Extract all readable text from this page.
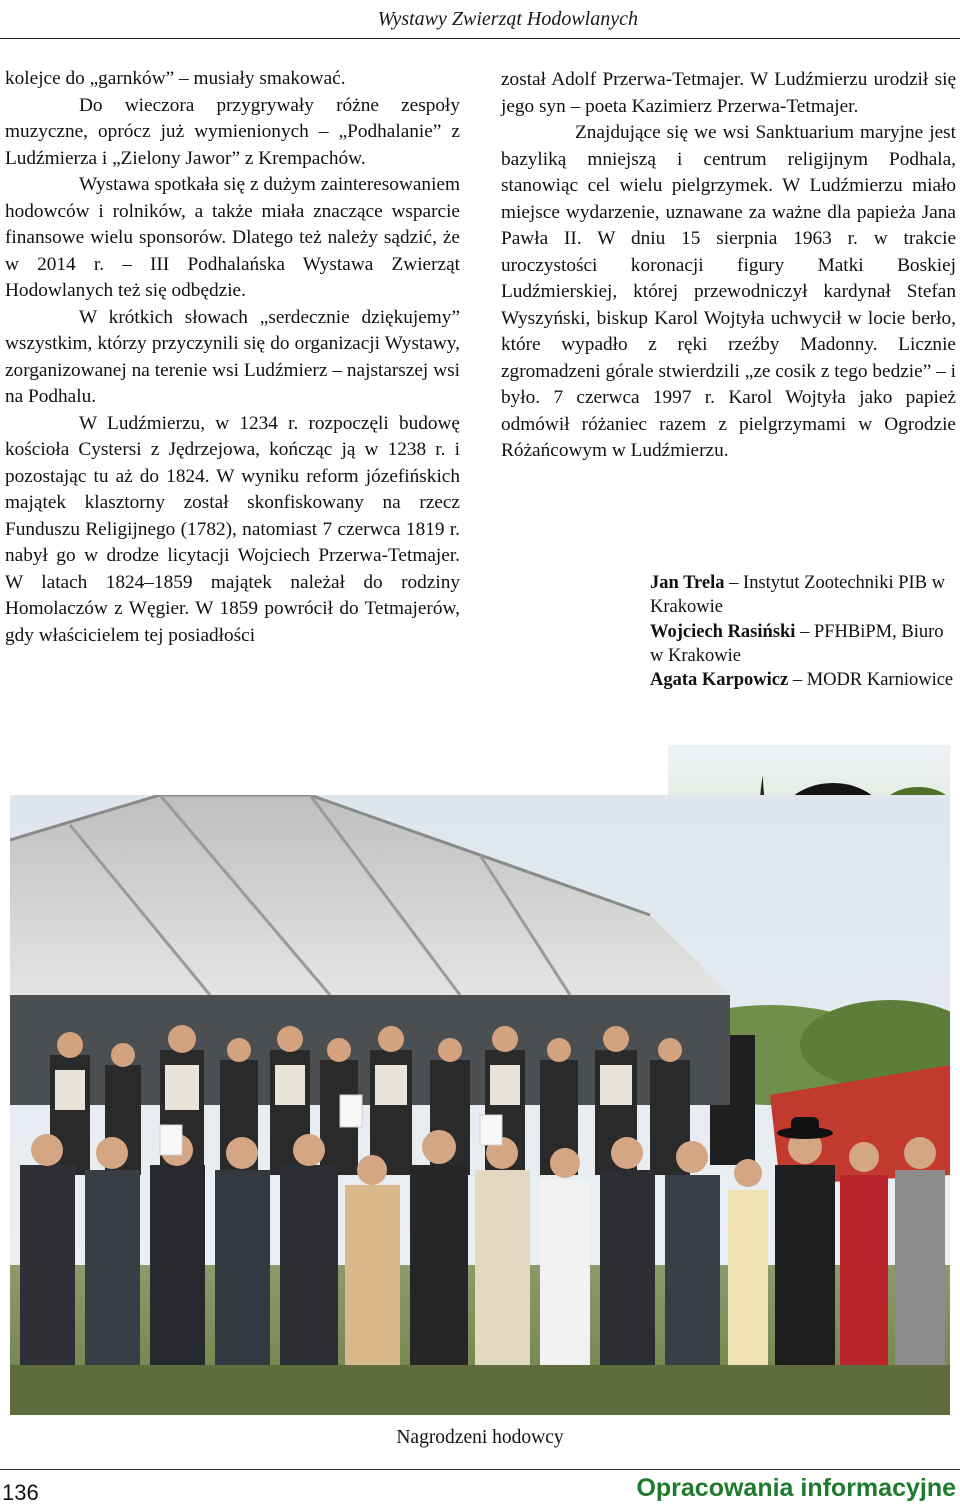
Wystawy Zwierząt Hodowlanych

kolejce do „garnków” – musiały smakować.

Do wieczora przygrywały różne zespoły muzyczne, oprócz już wymienionych – „Podhalanie” z Ludźmierza i „Zielony Jawor” z Krempachów.

Wystawa spotkała się z dużym zainteresowaniem hodowców i rolników, a także miała znaczące wsparcie finansowe wielu sponsorów. Dlatego też należy sądzić, że w 2014 r. – III Podhalańska Wystawa Zwierząt Hodowlanych też się odbędzie.

W krótkich słowach „serdecznie dziękujemy” wszystkim, którzy przyczynili się do organizacji Wystawy, zorganizowanej na terenie wsi Ludźmierz – najstarszej wsi na Podhalu.

W Ludźmierzu, w 1234 r. rozpoczęli budowę kościoła Cystersi z Jędrzejowa, kończąc ją w 1238 r. i pozostając tu aż do 1824. W wyniku reform józefińskich majątek klasztorny został skonfiskowany na rzecz Funduszu Religijnego (1782), natomiast 7 czerwca 1819 r. nabył go w drodze licytacji Wojciech Przerwa-Tetmajer. W latach 1824–1859 majątek należał do rodziny Homolaczów z Węgier. W 1859 powrócił do Tetmajerów, gdy właścicielem tej posiadłości

został Adolf Przerwa-Tetmajer. W Ludźmierzu urodził się jego syn – poeta Kazimierz Przerwa-Tetmajer.

Znajdujące się we wsi Sanktuarium maryjne jest bazyliką mniejszą i centrum religijnym Podhala, stanowiąc cel wielu pielgrzymek. W Ludźmierzu miało miejsce wydarzenie, uznawane za ważne dla papieża Jana Pawła II. W dniu 15 sierpnia 1963 r. w trakcie uroczystości koronacji figury Matki Boskiej Ludźmierskiej, której przewodniczył kardynał Stefan Wyszyński, biskup Karol Wojtyła uchwycił w locie berło, które wypadło z ręki rzeźby Madonny. Licznie zgromadzeni górale stwierdzili „ze cosik z tego bedzie” – i było. 7 czerwca 1997 r. Karol Wojtyła jako papież odmówił różaniec razem z pielgrzymami w Ogrodzie Różańcowym w Ludźmierzu.

Jan Trela – Instytut Zootechniki PIB w Krakowie
Wojciech Rasiński – PFHBiPM, Biuro w Krakowie
Agata Karpowicz – MODR Karniowice
Nagrodzeni hodowcy
136	Opracowania informacyjne
